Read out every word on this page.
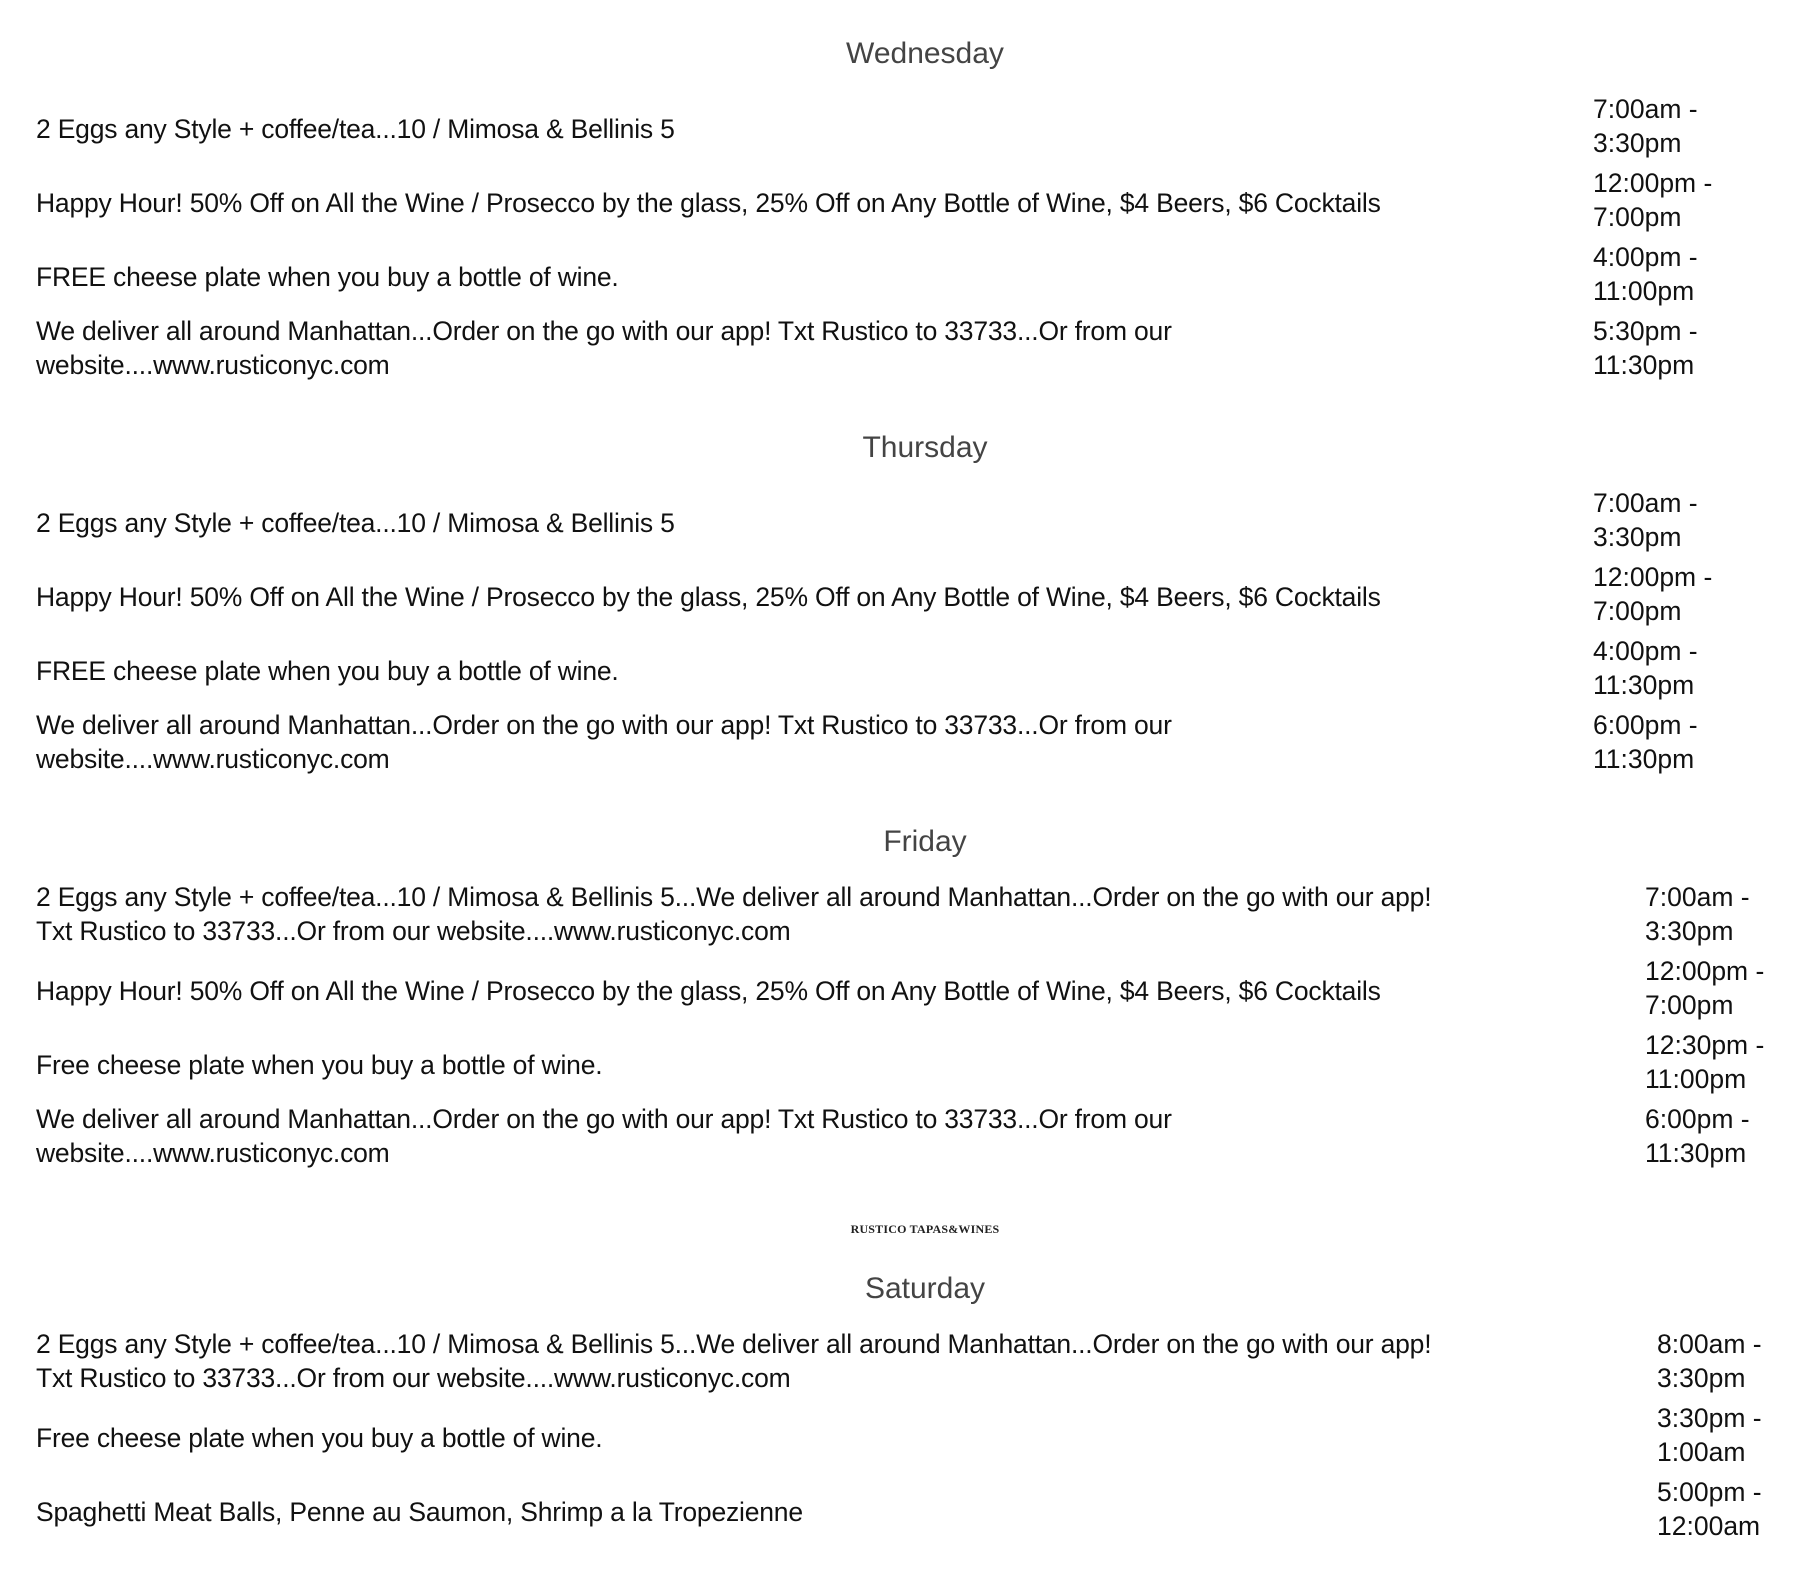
RUSTICO TAPAS&WINES
Wednesday
2 Eggs any Style + coffee/tea...10 / Mimosa & Bellinis 5
7:00am -
3:30pm
Happy Hour! 50% Off on All the Wine / Prosecco by the glass, 25% Off on Any Bottle of Wine, $4 Beers, $6 Cocktails
12:00pm -
7:00pm
FREE cheese plate when you buy a bottle of wine.
4:00pm -
11:00pm
We deliver all around Manhattan...Order on the go with our app! Txt Rustico to 33733...Or from our
website....www.rusticonyc.com
5:30pm -
11:30pm
Thursday
2 Eggs any Style + coffee/tea...10 / Mimosa & Bellinis 5
7:00am -
3:30pm
Happy Hour! 50% Off on All the Wine / Prosecco by the glass, 25% Off on Any Bottle of Wine, $4 Beers, $6 Cocktails
12:00pm -
7:00pm
FREE cheese plate when you buy a bottle of wine.
4:00pm -
11:30pm
We deliver all around Manhattan...Order on the go with our app! Txt Rustico to 33733...Or from our
website....www.rusticonyc.com
6:00pm -
11:30pm
Friday
2 Eggs any Style + coffee/tea...10 / Mimosa & Bellinis 5...We deliver all around Manhattan...Order on the go with our app!
Txt Rustico to 33733...Or from our website....www.rusticonyc.com
7:00am -
3:30pm
Happy Hour! 50% Off on All the Wine / Prosecco by the glass, 25% Off on Any Bottle of Wine, $4 Beers, $6 Cocktails
12:00pm -
7:00pm
Free cheese plate when you buy a bottle of wine.
12:30pm -
11:00pm
We deliver all around Manhattan...Order on the go with our app! Txt Rustico to 33733...Or from our
website....www.rusticonyc.com
6:00pm -
11:30pm
Saturday
2 Eggs any Style + coffee/tea...10 / Mimosa & Bellinis 5...We deliver all around Manhattan...Order on the go with our app!
Txt Rustico to 33733...Or from our website....www.rusticonyc.com
8:00am -
3:30pm
Free cheese plate when you buy a bottle of wine.
3:30pm -
1:00am
Spaghetti Meat Balls, Penne au Saumon, Shrimp a la Tropezienne
5:00pm -
12:00am
